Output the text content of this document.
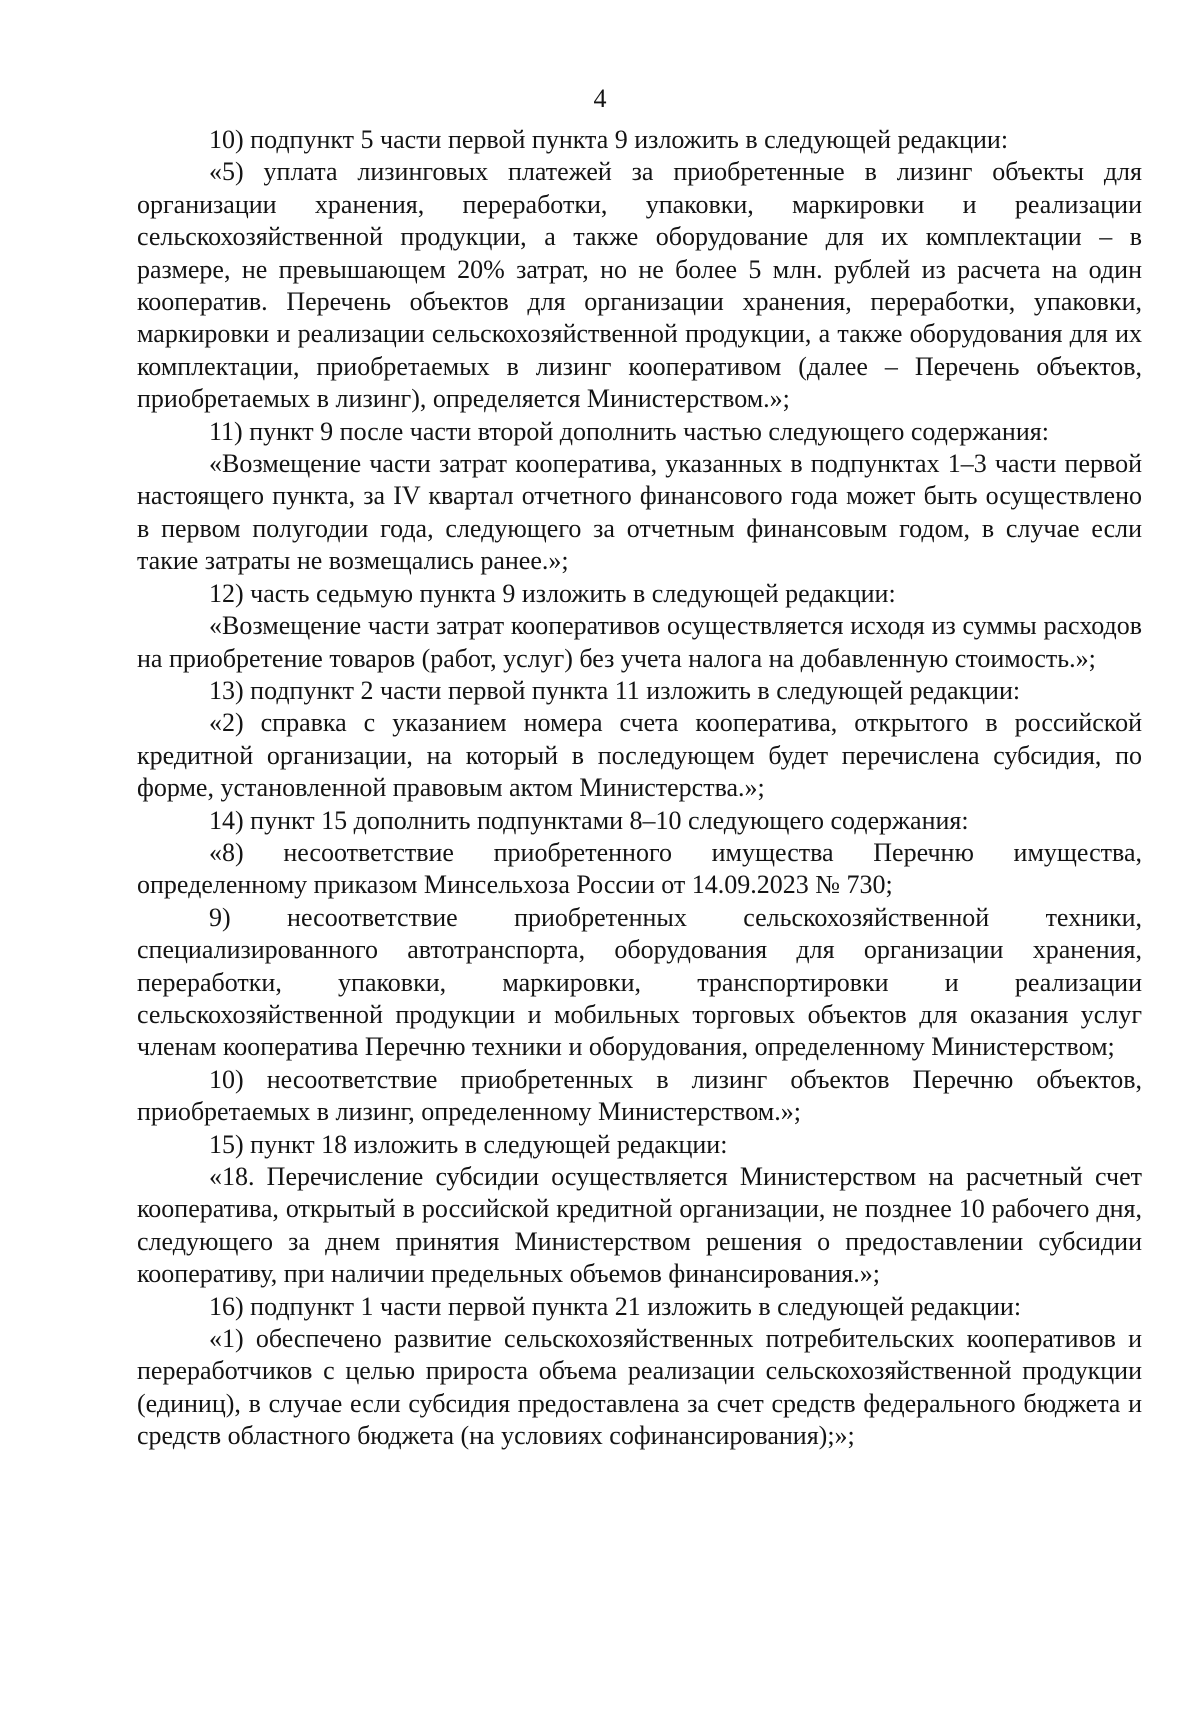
4

10) подпункт 5 части первой пункта 9 изложить в следующей редакции:

«5) уплата лизинговых платежей за приобретенные в лизинг объекты для организации хранения, переработки, упаковки, маркировки и реализации сельскохозяйственной продукции, а также оборудование для их комплектации – в размере, не превышающем 20% затрат, но не более 5 млн. рублей из расчета на один кооператив. Перечень объектов для организации хранения, переработки, упаковки, маркировки и реализации сельскохозяйственной продукции, а также оборудования для их комплектации, приобретаемых в лизинг кооперативом (далее – Перечень объектов, приобретаемых в лизинг), определяется Министерством.»;

11) пункт 9 после части второй дополнить частью следующего содержания:

«Возмещение части затрат кооператива, указанных в подпунктах 1–3 части первой настоящего пункта, за IV квартал отчетного финансового года может быть осуществлено в первом полугодии года, следующего за отчетным финансовым годом, в случае если такие затраты не возмещались ранее.»;

12) часть седьмую пункта 9 изложить в следующей редакции:

«Возмещение части затрат кооперативов осуществляется исходя из суммы расходов на приобретение товаров (работ, услуг) без учета налога на добавленную стоимость.»;

13) подпункт 2 части первой пункта 11 изложить в следующей редакции:

«2) справка с указанием номера счета кооператива, открытого в российской кредитной организации, на который в последующем будет перечислена субсидия, по форме, установленной правовым актом Министерства.»;

14) пункт 15 дополнить подпунктами 8–10 следующего содержания:

«8) несоответствие приобретенного имущества Перечню имущества, определенному приказом Минсельхоза России от 14.09.2023 № 730;

9) несоответствие приобретенных сельскохозяйственной техники, специализированного автотранспорта, оборудования для организации хранения, переработки, упаковки, маркировки, транспортировки и реализации сельскохозяйственной продукции и мобильных торговых объектов для оказания услуг членам кооператива Перечню техники и оборудования, определенному Министерством;

10) несоответствие приобретенных в лизинг объектов Перечню объектов, приобретаемых в лизинг, определенному Министерством.»;

15) пункт 18 изложить в следующей редакции:

«18. Перечисление субсидии осуществляется Министерством на расчетный счет кооператива, открытый в российской кредитной организации, не позднее 10 рабочего дня, следующего за днем принятия Министерством решения о предоставлении субсидии кооперативу, при наличии предельных объемов финансирования.»;

16) подпункт 1 части первой пункта 21 изложить в следующей редакции:

«1) обеспечено развитие сельскохозяйственных потребительских кооперативов и переработчиков с целью прироста объема реализации сельскохозяйственной продукции (единиц), в случае если субсидия предоставлена за счет средств федерального бюджета и средств областного бюджета (на условиях софинансирования);»;
